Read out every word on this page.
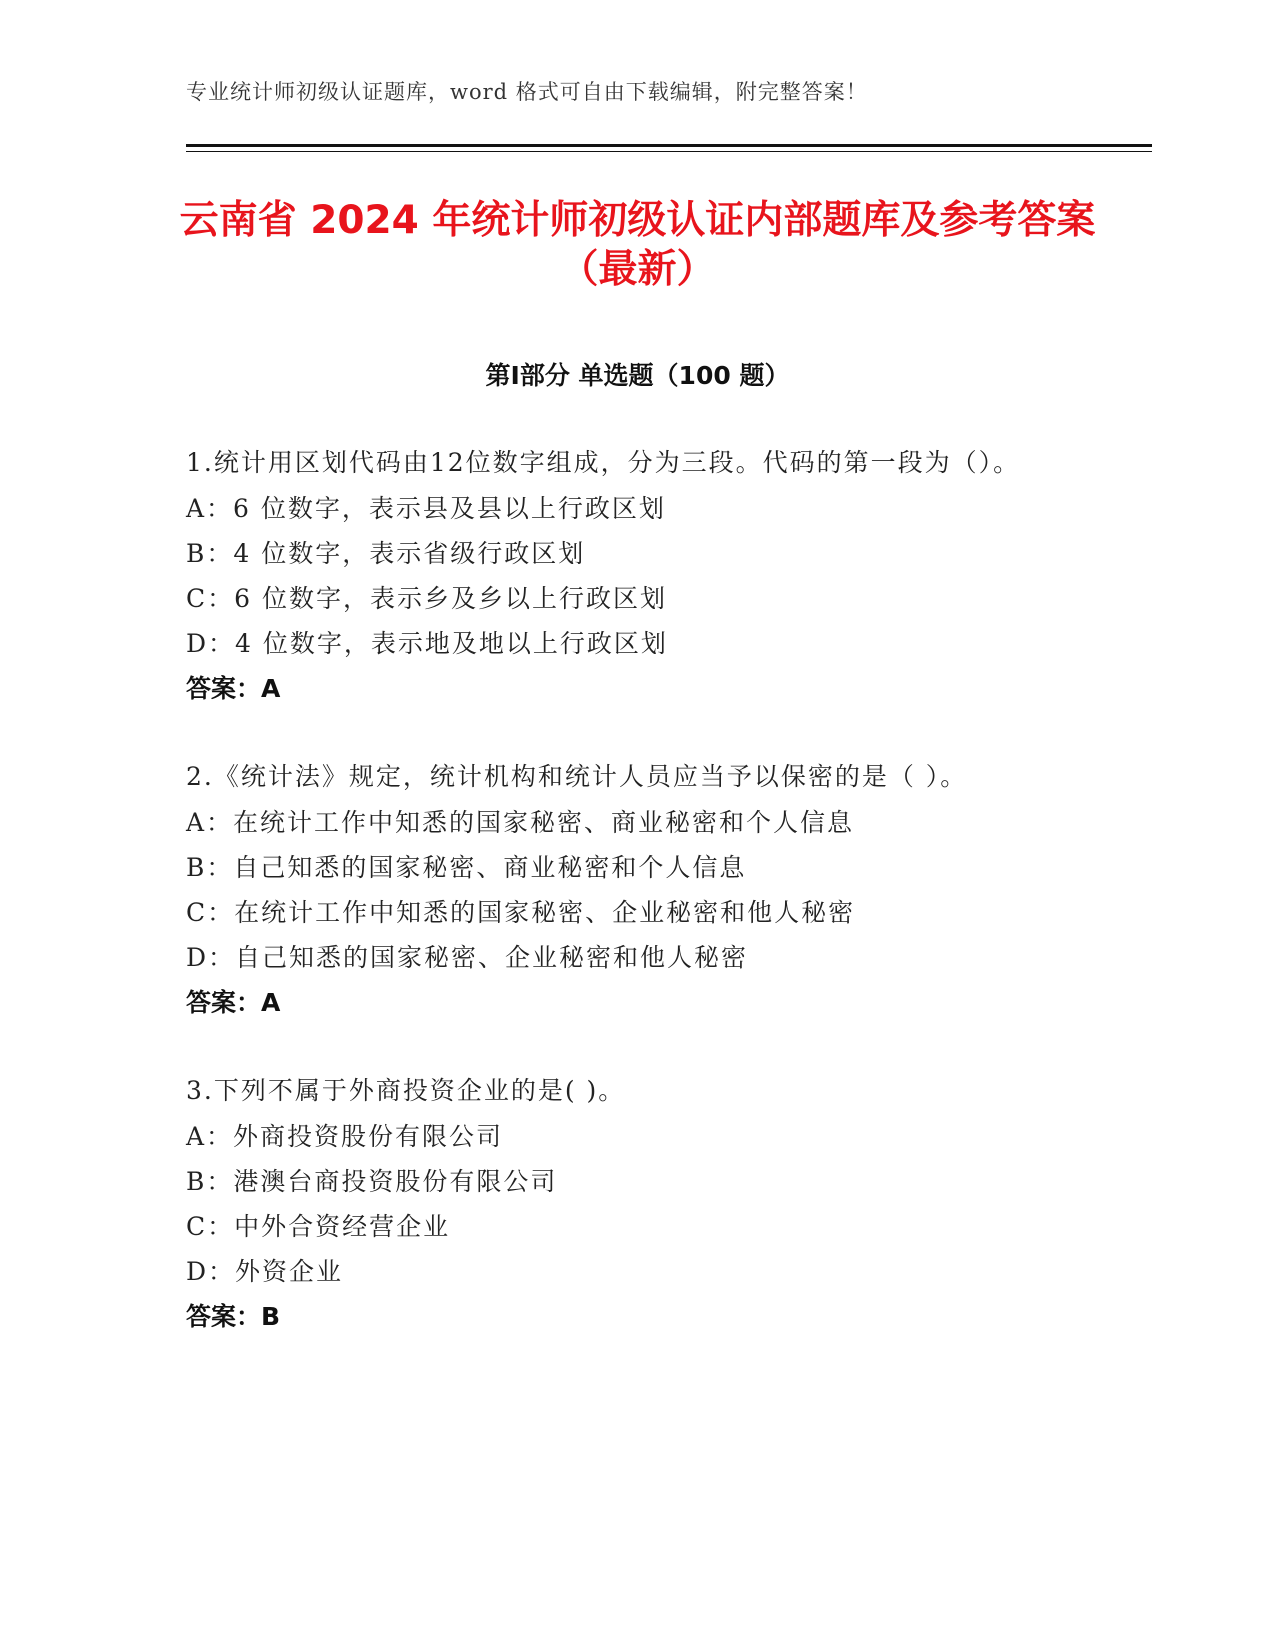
专业统计师初级认证题库，word 格式可自由下载编辑，附完整答案！
云南省 2024 年统计师初级认证内部题库及参考答案（最新）
第Ⅰ部分 单选题（100 题）
1.统计用区划代码由12位数字组成，分为三段。代码的第一段为（）。
A：6 位数字，表示县及县以上行政区划
B：4 位数字，表示省级行政区划
C：6 位数字，表示乡及乡以上行政区划
D：4 位数字，表示地及地以上行政区划
答案：A
2.《统计法》规定，统计机构和统计人员应当予以保密的是（ ）。
A：在统计工作中知悉的国家秘密、商业秘密和个人信息
B：自己知悉的国家秘密、商业秘密和个人信息
C：在统计工作中知悉的国家秘密、企业秘密和他人秘密
D：自己知悉的国家秘密、企业秘密和他人秘密
答案：A
3.下列不属于外商投资企业的是( )。
A：外商投资股份有限公司
B：港澳台商投资股份有限公司
C：中外合资经营企业
D：外资企业
答案：B
